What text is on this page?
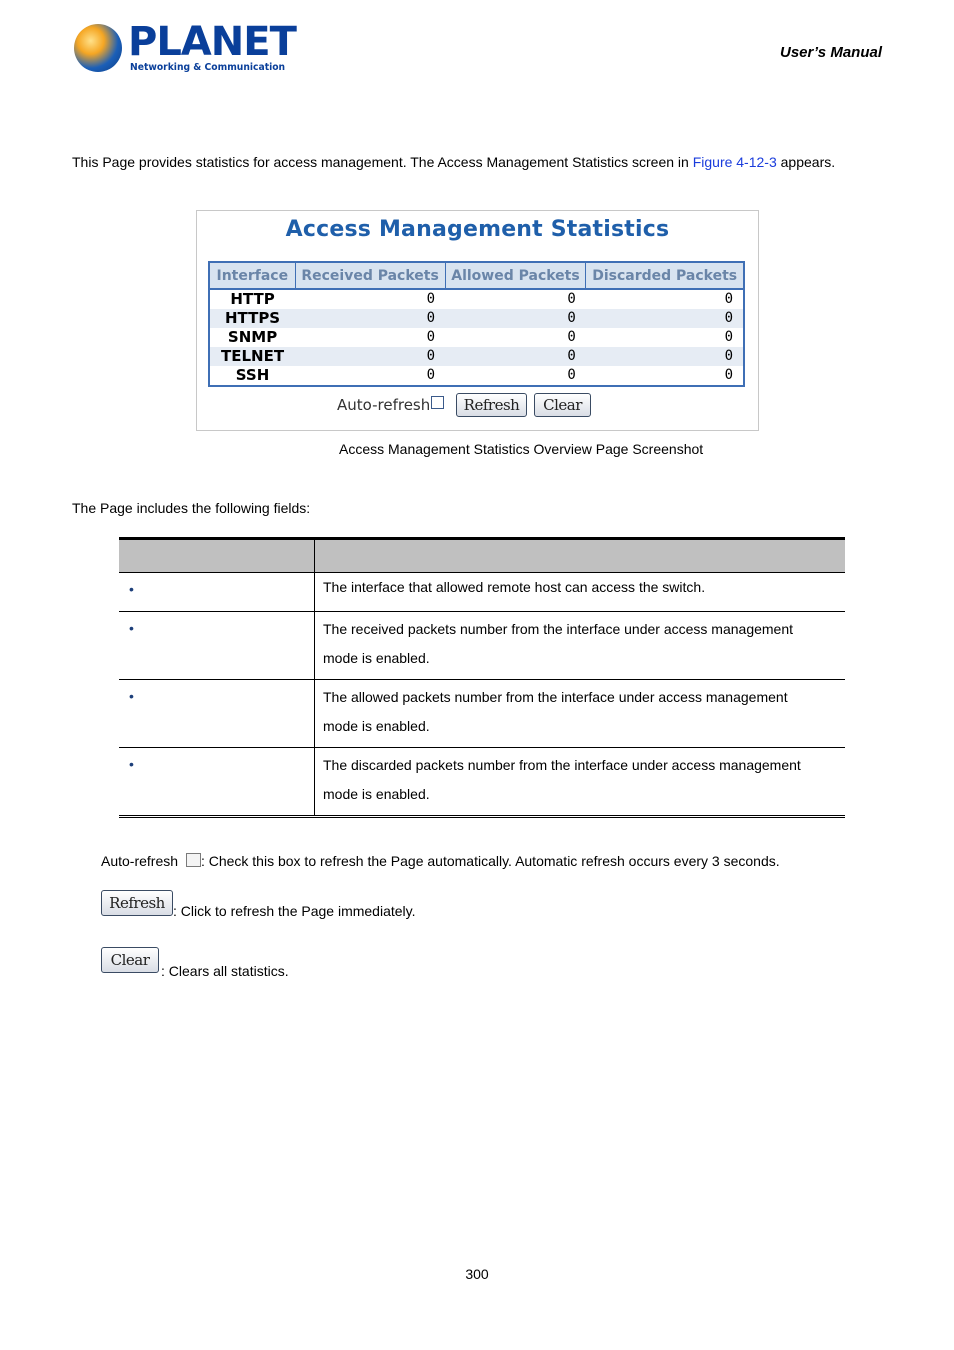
PLANET
Networking & Communication
User’s Manual
This Page provides statistics for access management. The Access Management Statistics screen in Figure 4-12-3 appears.
Access Management Statistics
Interface	Received Packets	Allowed Packets	Discarded Packets
HTTP	0	0	0
HTTPS	0	0	0
SNMP	0	0	0
TELNET	0	0	0
SSH	0	0	0
Auto-refresh	Refresh	Clear
Access Management Statistics Overview Page Screenshot
The Page includes the following fields:

•	The interface that allowed remote host can access the switch.
•	The received packets number from the interface under access management
mode is enabled.

•	The allowed packets number from the interface under access management
mode is enabled.

•	The discarded packets number from the interface under access management
mode is enabled.
Auto-refresh : Check this box to refresh the Page automatically. Automatic refresh occurs every 3 seconds.
Refresh : Click to refresh the Page immediately.
Clear
: Clears all statistics.
300
